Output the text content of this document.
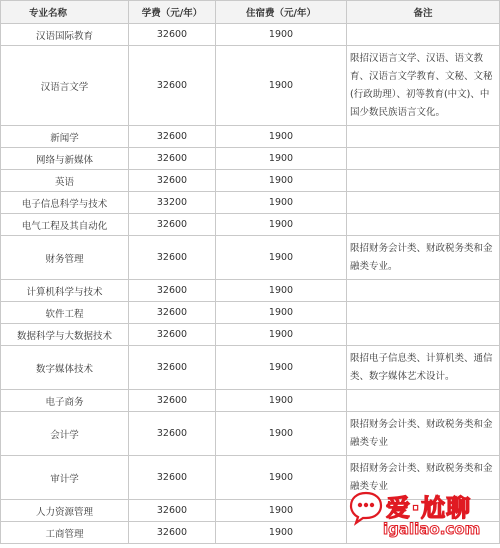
专业名称	学费（元/年）	住宿费（元/年）	备注
汉语国际教育	32600	1900	
汉语言文学	32600	1900	限招汉语言文学、汉语、语文教育、汉语言文学教育、文秘、文秘(行政助理）、初等教育(中文)、中国少数民族语言文化。
新闻学	32600	1900	
网络与新媒体	32600	1900	
英语	32600	1900	
电子信息科学与技术	33200	1900	
电气工程及其自动化	32600	1900	
财务管理	32600	1900	限招财务会计类、财政税务类和金融类专业。
计算机科学与技术	32600	1900	
软件工程	32600	1900	
数据科学与大数据技术	32600	1900	
数字媒体技术	32600	1900	限招电子信息类、计算机类、通信类、数字媒体艺术设计。
电子商务	32600	1900	
会计学	32600	1900	限招财务会计类、财政税务类和金融类专业
审计学	32600	1900	限招财务会计类、财政税务类和金融类专业
人力资源管理	32600	1900	
工商管理	32600	1900	
爱·尬聊
igaliao.com
